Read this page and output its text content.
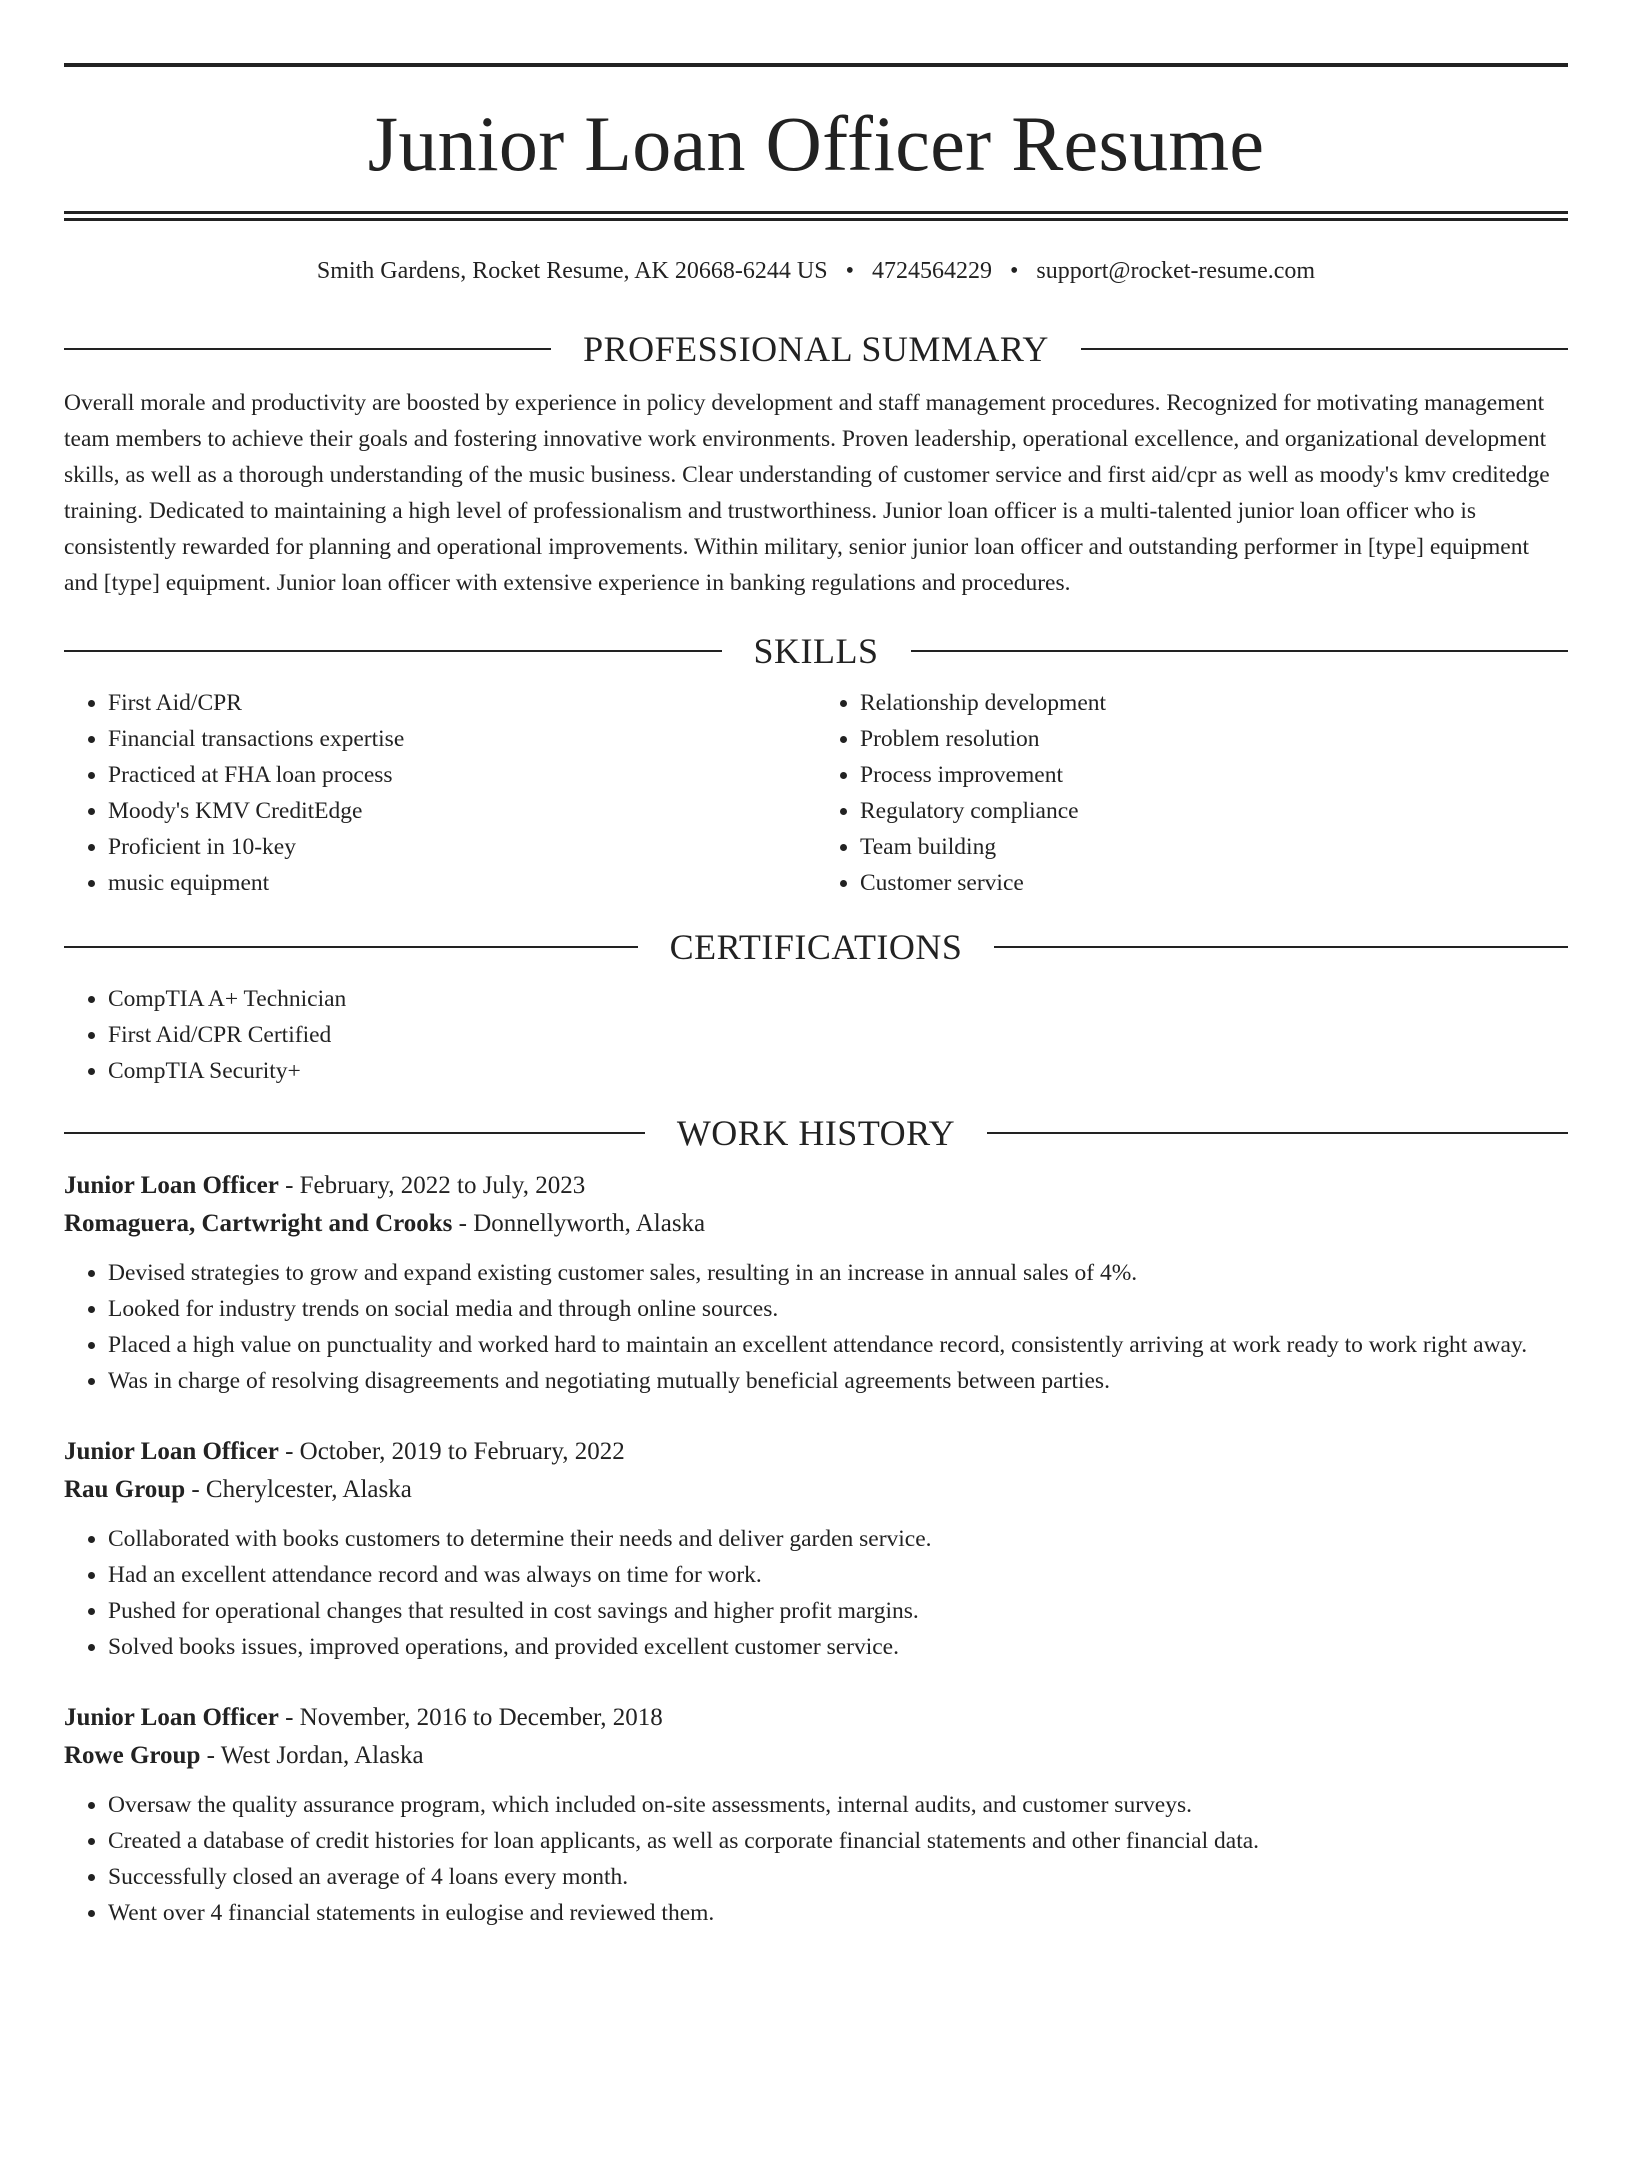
Junior Loan Officer Resume
Smith Gardens, Rocket Resume, AK 20668-6244 US • 4724564229 • support@rocket-resume.com
PROFESSIONAL SUMMARY
Overall morale and productivity are boosted by experience in policy development and staff management procedures. Recognized for motivating management team members to achieve their goals and fostering innovative work environments. Proven leadership, operational excellence, and organizational development skills, as well as a thorough understanding of the music business. Clear understanding of customer service and first aid/cpr as well as moody's kmv creditedge training. Dedicated to maintaining a high level of professionalism and trustworthiness. Junior loan officer is a multi-talented junior loan officer who is consistently rewarded for planning and operational improvements. Within military, senior junior loan officer and outstanding performer in [type] equipment and [type] equipment. Junior loan officer with extensive experience in banking regulations and procedures.
SKILLS
• First Aid/CPR
• Financial transactions expertise
• Practiced at FHA loan process
• Moody's KMV CreditEdge
• Proficient in 10-key
• music equipment
• Relationship development
• Problem resolution
• Process improvement
• Regulatory compliance
• Team building
• Customer service
CERTIFICATIONS
• CompTIA A+ Technician
• First Aid/CPR Certified
• CompTIA Security+
WORK HISTORY
Junior Loan Officer - February, 2022 to July, 2023
Romaguera, Cartwright and Crooks - Donnellyworth, Alaska
• Devised strategies to grow and expand existing customer sales, resulting in an increase in annual sales of 4%.
• Looked for industry trends on social media and through online sources.
• Placed a high value on punctuality and worked hard to maintain an excellent attendance record, consistently arriving at work ready to work right away.
• Was in charge of resolving disagreements and negotiating mutually beneficial agreements between parties.
Junior Loan Officer - October, 2019 to February, 2022
Rau Group - Cherylcester, Alaska
• Collaborated with books customers to determine their needs and deliver garden service.
• Had an excellent attendance record and was always on time for work.
• Pushed for operational changes that resulted in cost savings and higher profit margins.
• Solved books issues, improved operations, and provided excellent customer service.
Junior Loan Officer - November, 2016 to December, 2018
Rowe Group - West Jordan, Alaska
• Oversaw the quality assurance program, which included on-site assessments, internal audits, and customer surveys.
• Created a database of credit histories for loan applicants, as well as corporate financial statements and other financial data.
• Successfully closed an average of 4 loans every month.
• Went over 4 financial statements in eulogise and reviewed them.
